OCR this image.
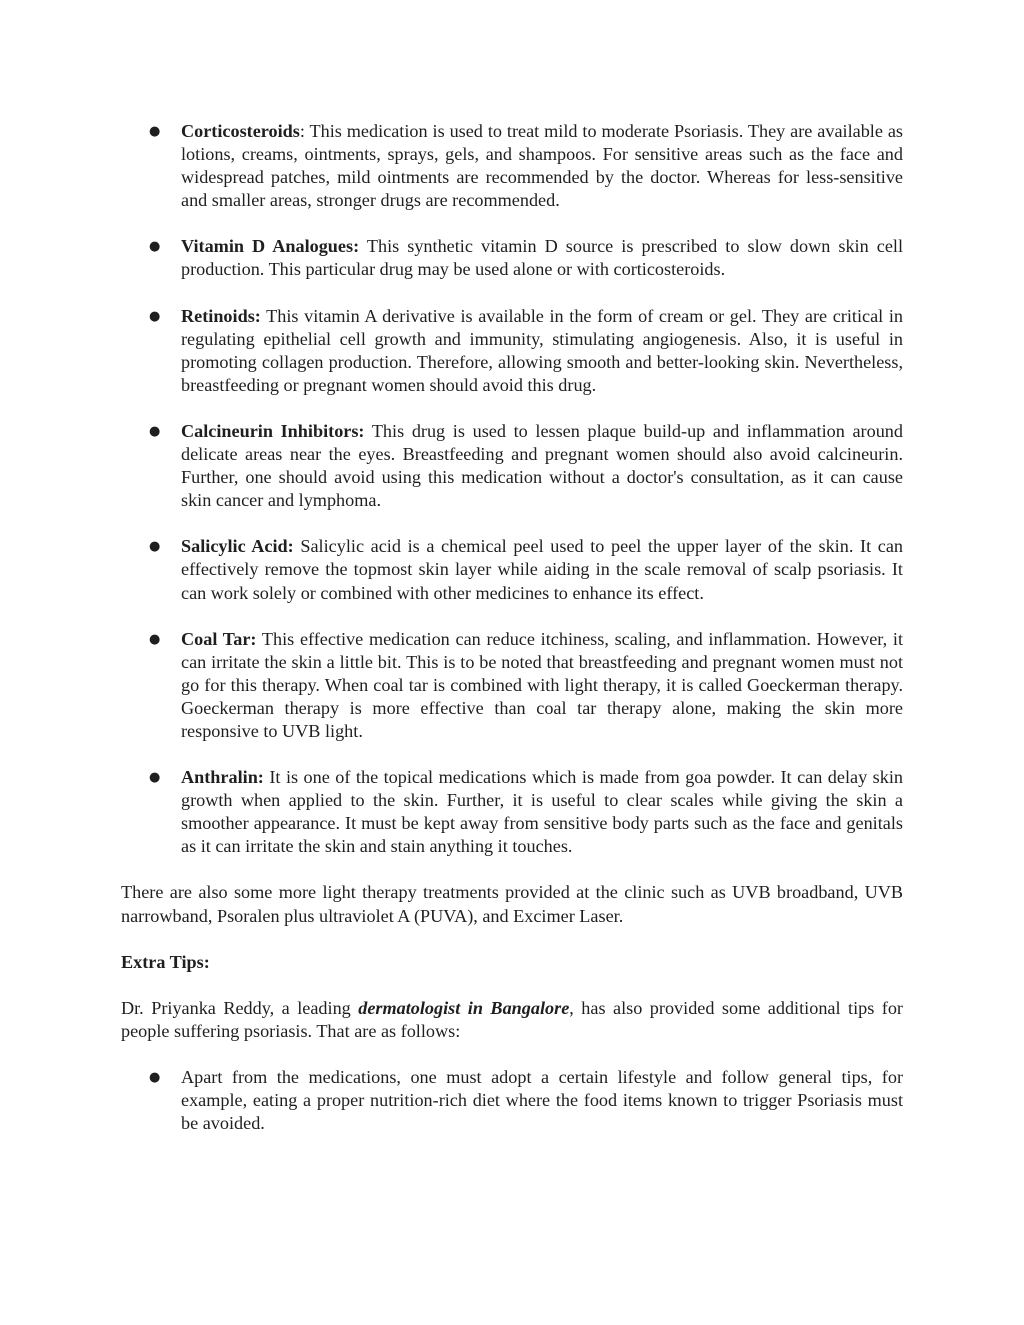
● Corticosteroids: This medication is used to treat mild to moderate Psoriasis. They are available as lotions, creams, ointments, sprays, gels, and shampoos. For sensitive areas such as the face and widespread patches, mild ointments are recommended by the doctor. Whereas for less-sensitive and smaller areas, stronger drugs are recommended.
● Vitamin D Analogues: This synthetic vitamin D source is prescribed to slow down skin cell production. This particular drug may be used alone or with corticosteroids.
● Retinoids: This vitamin A derivative is available in the form of cream or gel. They are critical in regulating epithelial cell growth and immunity, stimulating angiogenesis. Also, it is useful in promoting collagen production. Therefore, allowing smooth and better-looking skin. Nevertheless, breastfeeding or pregnant women should avoid this drug.
● Calcineurin Inhibitors: This drug is used to lessen plaque build-up and inflammation around delicate areas near the eyes. Breastfeeding and pregnant women should also avoid calcineurin. Further, one should avoid using this medication without a doctor's consultation, as it can cause skin cancer and lymphoma.
● Salicylic Acid: Salicylic acid is a chemical peel used to peel the upper layer of the skin. It can effectively remove the topmost skin layer while aiding in the scale removal of scalp psoriasis. It can work solely or combined with other medicines to enhance its effect.
● Coal Tar: This effective medication can reduce itchiness, scaling, and inflammation. However, it can irritate the skin a little bit. This is to be noted that breastfeeding and pregnant women must not go for this therapy. When coal tar is combined with light therapy, it is called Goeckerman therapy. Goeckerman therapy is more effective than coal tar therapy alone, making the skin more responsive to UVB light.
● Anthralin: It is one of the topical medications which is made from goa powder. It can delay skin growth when applied to the skin. Further, it is useful to clear scales while giving the skin a smoother appearance. It must be kept away from sensitive body parts such as the face and genitals as it can irritate the skin and stain anything it touches.

There are also some more light therapy treatments provided at the clinic such as UVB broadband, UVB narrowband, Psoralen plus ultraviolet A (PUVA), and Excimer Laser.

Extra Tips:

Dr. Priyanka Reddy, a leading dermatologist in Bangalore, has also provided some additional tips for people suffering psoriasis. That are as follows:

● Apart from the medications, one must adopt a certain lifestyle and follow general tips, for example, eating a proper nutrition-rich diet where the food items known to trigger Psoriasis must be avoided.
